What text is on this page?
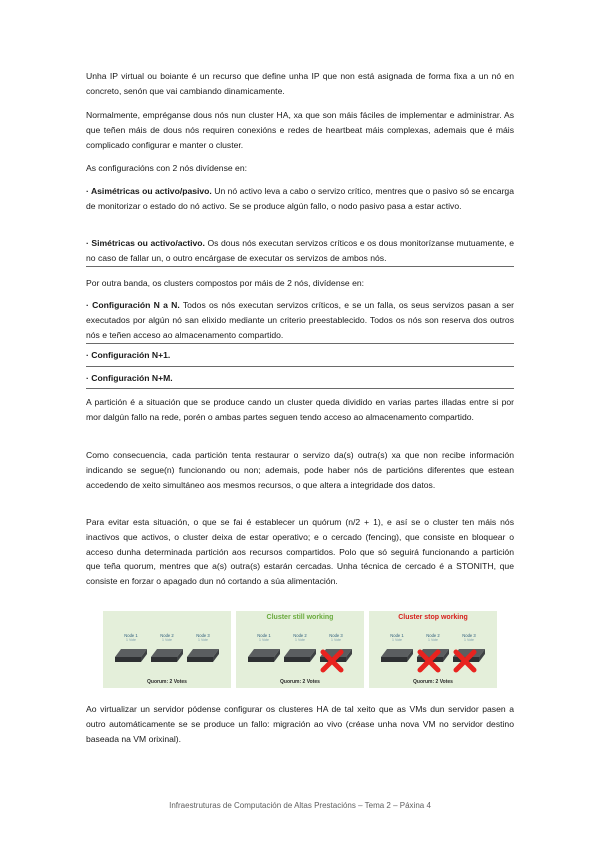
Unha IP virtual ou boiante é un recurso que define unha IP que non está asignada de forma fixa a un nó en concreto, senón que vai cambiando dinamicamente.

Normalmente, empréganse dous nós nun cluster HA, xa que son máis fáciles de implementar e administrar. As que teñen máis de dous nós requiren conexións e redes de heartbeat máis complexas, ademais que é máis complicado configurar e manter o cluster.

As configuracións con 2 nós divídense en:

· Asimétricas ou activo/pasivo. Un nó activo leva a cabo o servizo crítico, mentres que o pasivo só se encarga de monitorizar o estado do nó activo. Se se produce algún fallo, o nodo pasivo pasa a estar activo.

· Simétricas ou activo/activo. Os dous nós executan servizos críticos e os dous monitorízanse mutuamente, e no caso de fallar un, o outro encárgase de executar os servizos de ambos nós.

Por outra banda, os clusters compostos por máis de 2 nós, divídense en:

· Configuración N a N. Todos os nós executan servizos críticos, e se un falla, os seus servizos pasan a ser executados por algún nó san elixido mediante un criterio preestablecido. Todos os nós son reserva dos outros nós e teñen acceso ao almacenamento compartido.

· Configuración N+1.

· Configuración N+M.

A partición é a situación que se produce cando un cluster queda dividido en varias partes illadas entre si por mor dalgún fallo na rede, porén o ambas partes seguen tendo acceso ao almacenamento compartido.

Como consecuencia, cada partición tenta restaurar o servizo da(s) outra(s) xa que non recibe información indicando se segue(n) funcionando ou non; ademais, pode haber nós de particións diferentes que estean accedendo de xeito simultáneo aos mesmos recursos, o que altera a integridade dos datos.

Para evitar esta situación, o que se fai é establecer un quórum (n/2 + 1), e así se o cluster ten máis nós inactivos que activos, o cluster deixa de estar operativo; e o cercado (fencing), que consiste en bloquear o acceso dunha determinada partición aos recursos compartidos. Polo que só seguirá funcionando a partición que teña quorum, mentres que a(s) outra(s) estarán cercadas. Unha técnica de cercado é a STONITH, que consiste en forzar o apagado dun nó cortando a súa alimentación.

Node 1
1 Vote
Node 2
1 Vote
Node 3
1 Vote
Quorum: 2 Votes
Cluster still working
Node 1
1 Vote
Node 2
1 Vote
Node 3
1 Vote
Quorum: 2 Votes
Cluster stop working
Node 1
1 Vote
Node 2
1 Vote
Node 3
1 Vote
Quorum: 2 Votes

Ao virtualizar un servidor pódense configurar os clusteres HA de tal xeito que as VMs dun servidor pasen a outro automáticamente se se produce un fallo: migración ao vivo (créase unha nova VM no servidor destino baseada na VM orixinal).

Infraestruturas de Computación de Altas Prestacións – Tema 2 – Páxina 4
